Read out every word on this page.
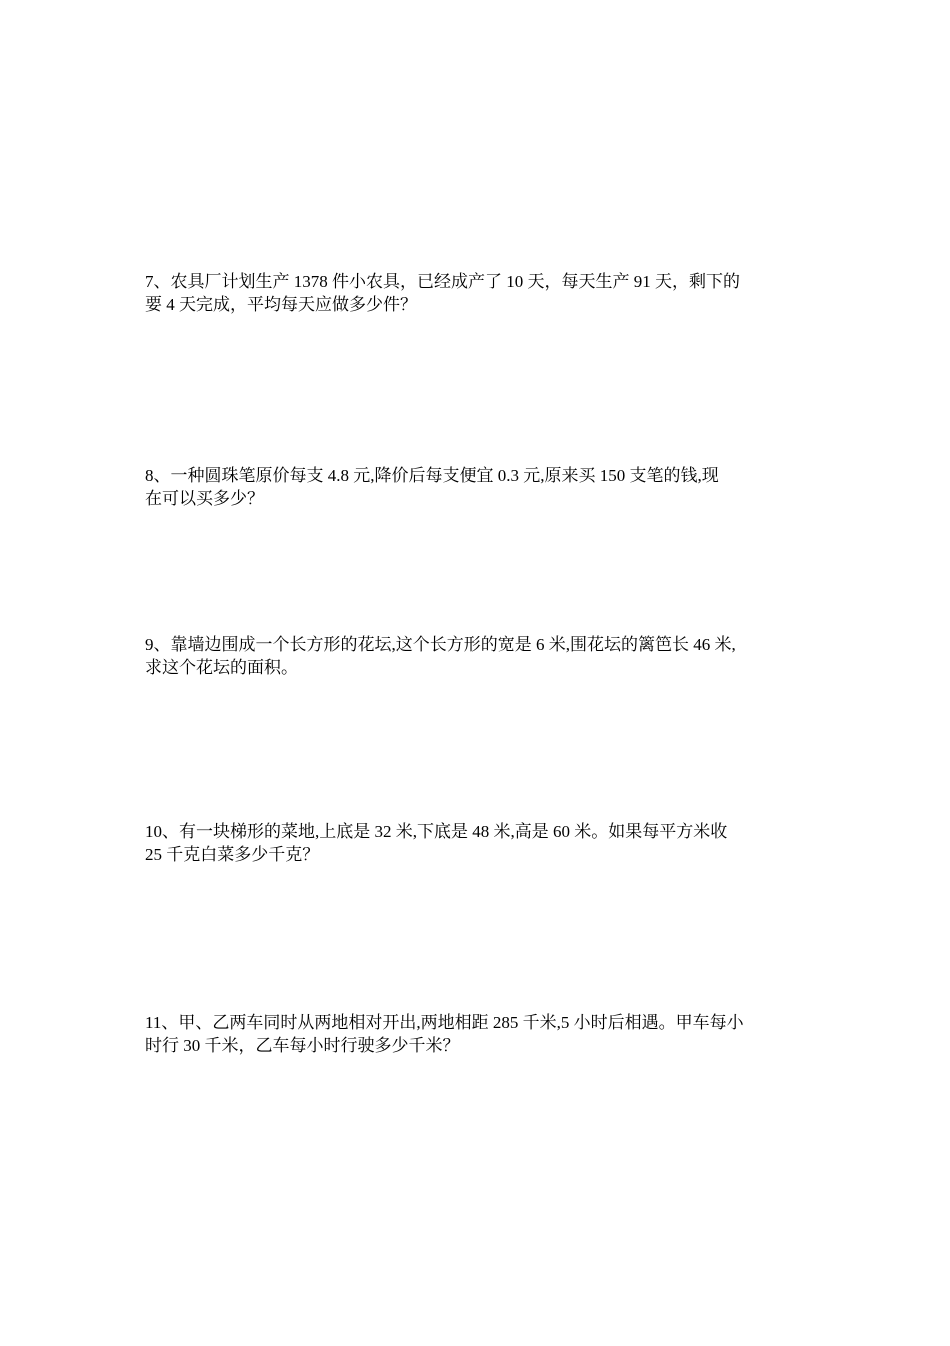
7、农具厂计划生产 1378 件小农具，已经成产了 10 天，每天生产 91 天，剩下的
要 4 天完成，平均每天应做多少件？

8、一种圆珠笔原价每支 4.8 元,降价后每支便宜 0.3 元,原来买 150 支笔的钱,现
在可以买多少？

9、靠墙边围成一个长方形的花坛,这个长方形的宽是 6 米,围花坛的篱笆长 46 米,
求这个花坛的面积。

10、有一块梯形的菜地,上底是 32 米,下底是 48 米,高是 60 米。如果每平方米收
25 千克白菜多少千克？

11、甲、乙两车同时从两地相对开出,两地相距 285 千米,5 小时后相遇。甲车每小
时行 30 千米，乙车每小时行驶多少千米？
